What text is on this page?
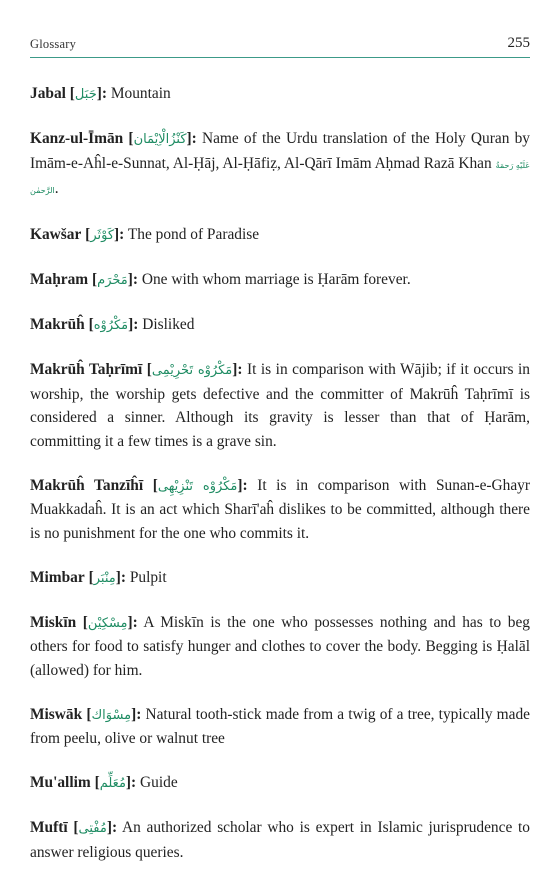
Glossary	255

Jabal [جَبَل]: Mountain

Kanz-ul-Īmān [كَنْزُالْاِيْمَان]: Name of the Urdu translation of the Holy Quran by Imām-e-Aĥl-e-Sunnat, Al-Ḥāj, Al-Ḥāfiẓ, Al-Qārī Imām Aḥmad Razā Khan عَلَيْهِ رَحمَةُ الرَّحمٰن.

Kawšar [كَوْثَر]: The pond of Paradise

Maḥram [مَحْرَم]: One with whom marriage is Ḥarām forever.

Makrūĥ [مَكْرُوْه]: Disliked

Makrūĥ Taḥrīmī [مَكْرُوْه تَحْرِيْمِى]: It is in comparison with Wājib; if it occurs in worship, the worship gets defective and the committer of Makrūĥ Taḥrīmī is considered a sinner. Although its gravity is lesser than that of Ḥarām, committing it a few times is a grave sin.

Makrūĥ Tanzīĥī [مَكْرُوْه تَنْزِيْهِى]: It is in comparison with Sunan-e-Ghayr Muakkadaĥ. It is an act which Sharī'aĥ dislikes to be committed, although there is no punishment for the one who commits it.

Mimbar [مِنْبَر]: Pulpit

Miskīn [مِسْكِيْن]: A Miskīn is the one who possesses nothing and has to beg others for food to satisfy hunger and clothes to cover the body. Begging is Ḥalāl (allowed) for him.

Miswāk [مِسْوَاك]: Natural tooth-stick made from a twig of a tree, typically made from peelu, olive or walnut tree

Mu'allim [مُعَلِّم]: Guide

Muftī [مُفْتِى]: An authorized scholar who is expert in Islamic jurisprudence to answer religious queries.
